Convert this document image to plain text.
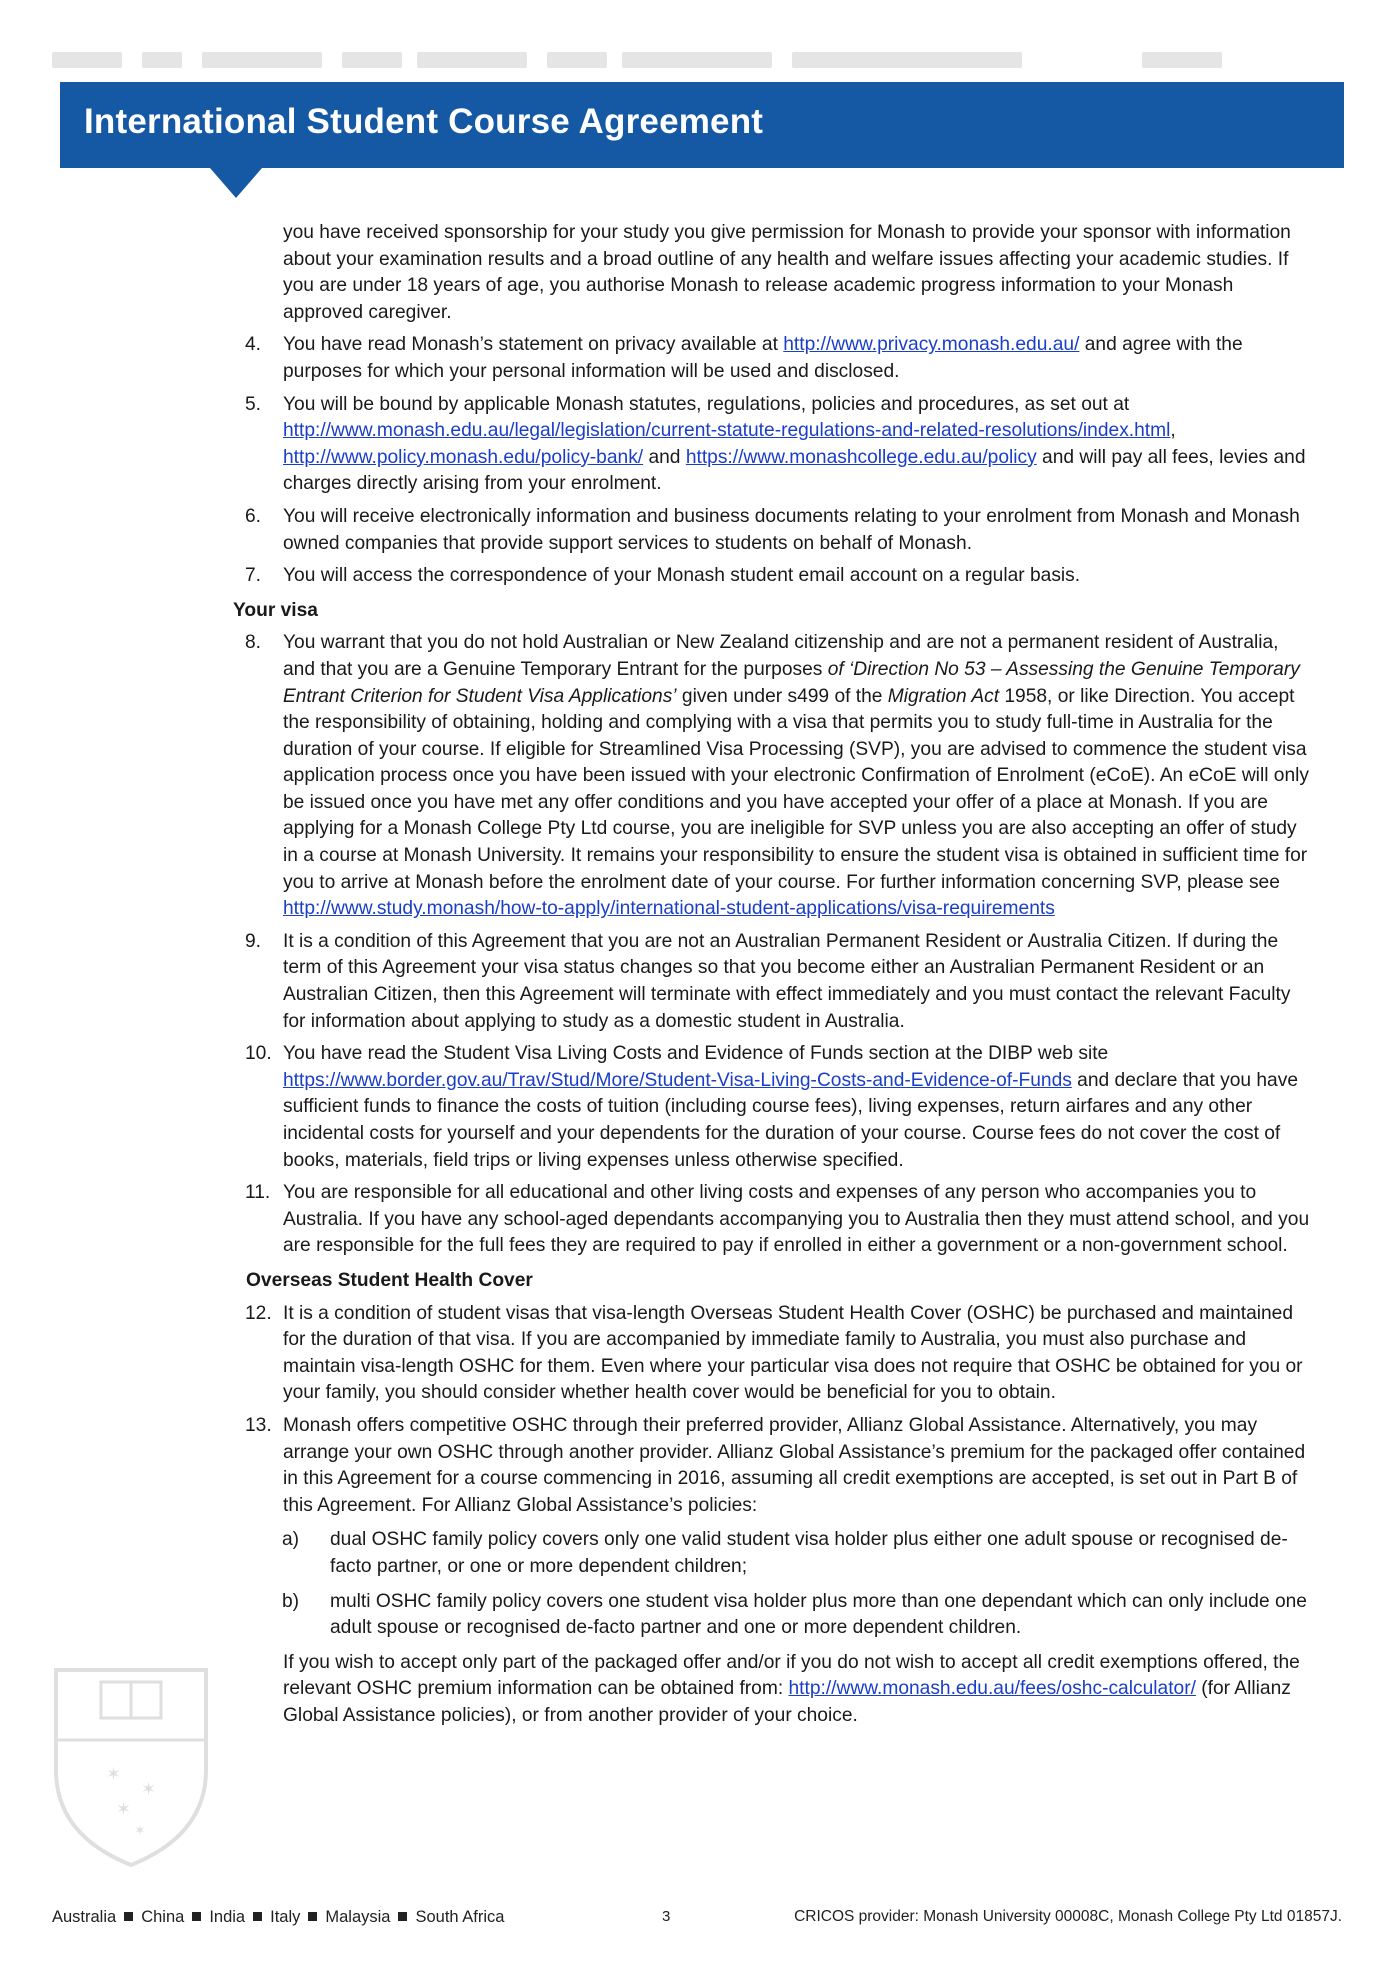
International Student Course Agreement
you have received sponsorship for your study you give permission for Monash to provide your sponsor with information about your examination results and a broad outline of any health and welfare issues affecting your academic studies. If you are under 18 years of age, you authorise Monash to release academic progress information to your Monash approved caregiver.
4. You have read Monash’s statement on privacy available at http://www.privacy.monash.edu.au/ and agree with the purposes for which your personal information will be used and disclosed.
5. You will be bound by applicable Monash statutes, regulations, policies and procedures, as set out at http://www.monash.edu.au/legal/legislation/current-statute-regulations-and-related-resolutions/index.html, http://www.policy.monash.edu/policy-bank/ and https://www.monashcollege.edu.au/policy and will pay all fees, levies and charges directly arising from your enrolment.
6. You will receive electronically information and business documents relating to your enrolment from Monash and Monash owned companies that provide support services to students on behalf of Monash.
7. You will access the correspondence of your Monash student email account on a regular basis.
Your visa
8. You warrant that you do not hold Australian or New Zealand citizenship and are not a permanent resident of Australia, and that you are a Genuine Temporary Entrant for the purposes of ‘Direction No 53 – Assessing the Genuine Temporary Entrant Criterion for Student Visa Applications’ given under s499 of the Migration Act 1958, or like Direction. You accept the responsibility of obtaining, holding and complying with a visa that permits you to study full-time in Australia for the duration of your course. If eligible for Streamlined Visa Processing (SVP), you are advised to commence the student visa application process once you have been issued with your electronic Confirmation of Enrolment (eCoE). An eCoE will only be issued once you have met any offer conditions and you have accepted your offer of a place at Monash. If you are applying for a Monash College Pty Ltd course, you are ineligible for SVP unless you are also accepting an offer of study in a course at Monash University. It remains your responsibility to ensure the student visa is obtained in sufficient time for you to arrive at Monash before the enrolment date of your course. For further information concerning SVP, please see http://www.study.monash/how-to-apply/international-student-applications/visa-requirements
9. It is a condition of this Agreement that you are not an Australian Permanent Resident or Australia Citizen. If during the term of this Agreement your visa status changes so that you become either an Australian Permanent Resident or an Australian Citizen, then this Agreement will terminate with effect immediately and you must contact the relevant Faculty for information about applying to study as a domestic student in Australia.
10. You have read the Student Visa Living Costs and Evidence of Funds section at the DIBP web site https://www.border.gov.au/Trav/Stud/More/Student-Visa-Living-Costs-and-Evidence-of-Funds and declare that you have sufficient funds to finance the costs of tuition (including course fees), living expenses, return airfares and any other incidental costs for yourself and your dependents for the duration of your course. Course fees do not cover the cost of books, materials, field trips or living expenses unless otherwise specified.
11. You are responsible for all educational and other living costs and expenses of any person who accompanies you to Australia. If you have any school-aged dependants accompanying you to Australia then they must attend school, and you are responsible for the full fees they are required to pay if enrolled in either a government or a non-government school.
Overseas Student Health Cover
12. It is a condition of student visas that visa-length Overseas Student Health Cover (OSHC) be purchased and maintained for the duration of that visa. If you are accompanied by immediate family to Australia, you must also purchase and maintain visa-length OSHC for them. Even where your particular visa does not require that OSHC be obtained for you or your family, you should consider whether health cover would be beneficial for you to obtain.
13. Monash offers competitive OSHC through their preferred provider, Allianz Global Assistance. Alternatively, you may arrange your own OSHC through another provider. Allianz Global Assistance’s premium for the packaged offer contained in this Agreement for a course commencing in 2016, assuming all credit exemptions are accepted, is set out in Part B of this Agreement. For Allianz Global Assistance’s policies:
a) dual OSHC family policy covers only one valid student visa holder plus either one adult spouse or recognised de-facto partner, or one or more dependent children;
b) multi OSHC family policy covers one student visa holder plus more than one dependant which can only include one adult spouse or recognised de-facto partner and one or more dependent children.
If you wish to accept only part of the packaged offer and/or if you do not wish to accept all credit exemptions offered, the relevant OSHC premium information can be obtained from: http://www.monash.edu.au/fees/oshc-calculator/ (for Allianz Global Assistance policies), or from another provider of your choice.
✶
✶
✶
✶
Australia China India Italy Malaysia South Africa	3	CRICOS provider: Monash University 00008C, Monash College Pty Ltd 01857J.
